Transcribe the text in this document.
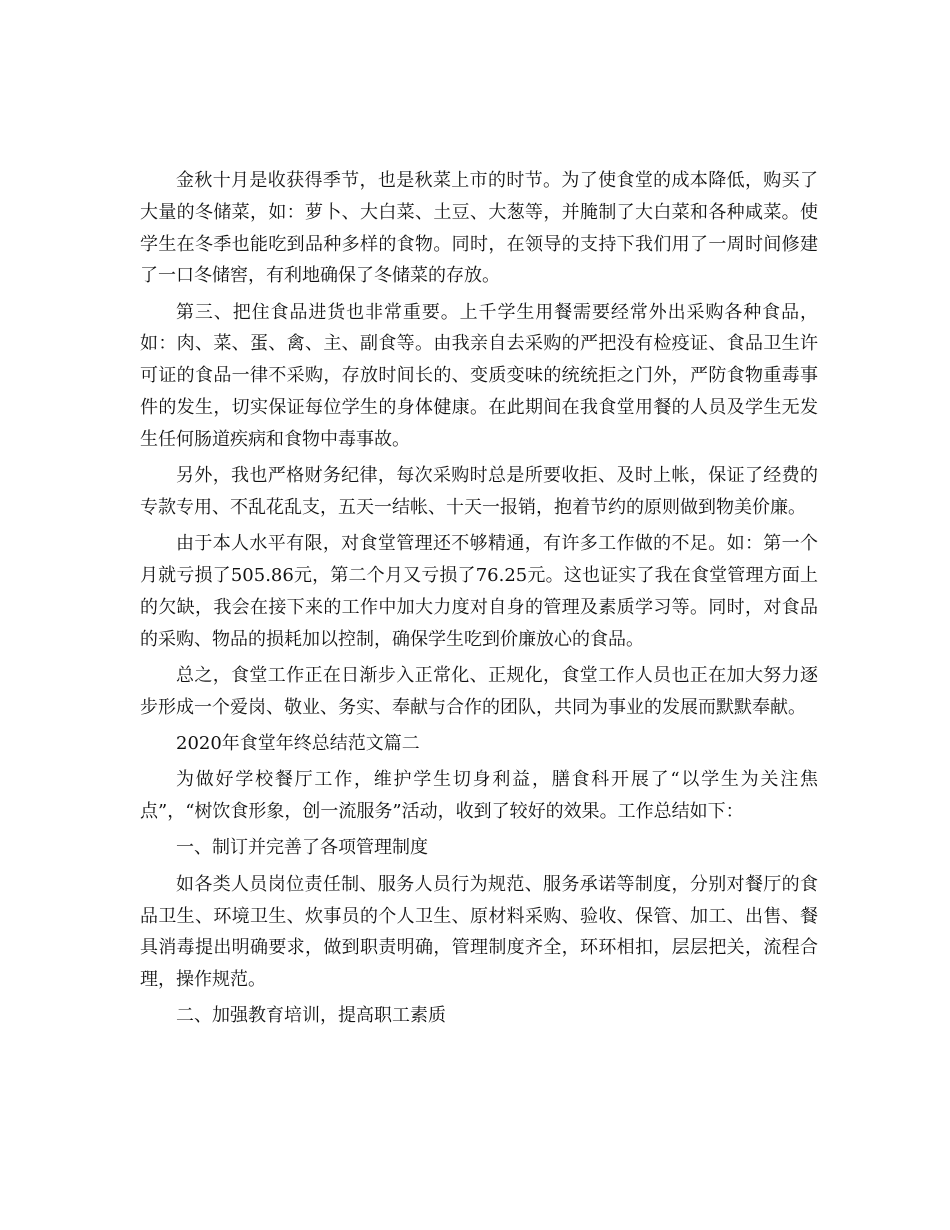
金秋十月是收获得季节，也是秋菜上市的时节。为了使食堂的成本降低，购买了大量的冬储菜，如：萝卜、大白菜、土豆、大葱等，并腌制了大白菜和各种咸菜。使学生在冬季也能吃到品种多样的食物。同时，在领导的支持下我们用了一周时间修建了一口冬储窖，有利地确保了冬储菜的存放。

第三、把住食品进货也非常重要。上千学生用餐需要经常外出采购各种食品，如：肉、菜、蛋、禽、主、副食等。由我亲自去采购的严把没有检疫证、食品卫生许可证的食品一律不采购，存放时间长的、变质变味的统统拒之门外，严防食物重毒事件的发生，切实保证每位学生的身体健康。在此期间在我食堂用餐的人员及学生无发生任何肠道疾病和食物中毒事故。

另外，我也严格财务纪律，每次采购时总是所要收拒、及时上帐，保证了经费的专款专用、不乱花乱支，五天一结帐、十天一报销，抱着节约的原则做到物美价廉。

由于本人水平有限，对食堂管理还不够精通，有许多工作做的不足。如：第一个月就亏损了505.86元，第二个月又亏损了76.25元。这也证实了我在食堂管理方面上的欠缺，我会在接下来的工作中加大力度对自身的管理及素质学习等。同时，对食品的采购、物品的损耗加以控制，确保学生吃到价廉放心的食品。

总之，食堂工作正在日渐步入正常化、正规化，食堂工作人员也正在加大努力逐步形成一个爱岗、敬业、务实、奉献与合作的团队，共同为事业的发展而默默奉献。

2020年食堂年终总结范文篇二

为做好学校餐厅工作，维护学生切身利益，膳食科开展了“以学生为关注焦点”，“树饮食形象，创一流服务”活动，收到了较好的效果。工作总结如下：

一、制订并完善了各项管理制度

如各类人员岗位责任制、服务人员行为规范、服务承诺等制度，分别对餐厅的食品卫生、环境卫生、炊事员的个人卫生、原材料采购、验收、保管、加工、出售、餐具消毒提出明确要求，做到职责明确，管理制度齐全，环环相扣，层层把关，流程合理，操作规范。

二、加强教育培训，提高职工素质
